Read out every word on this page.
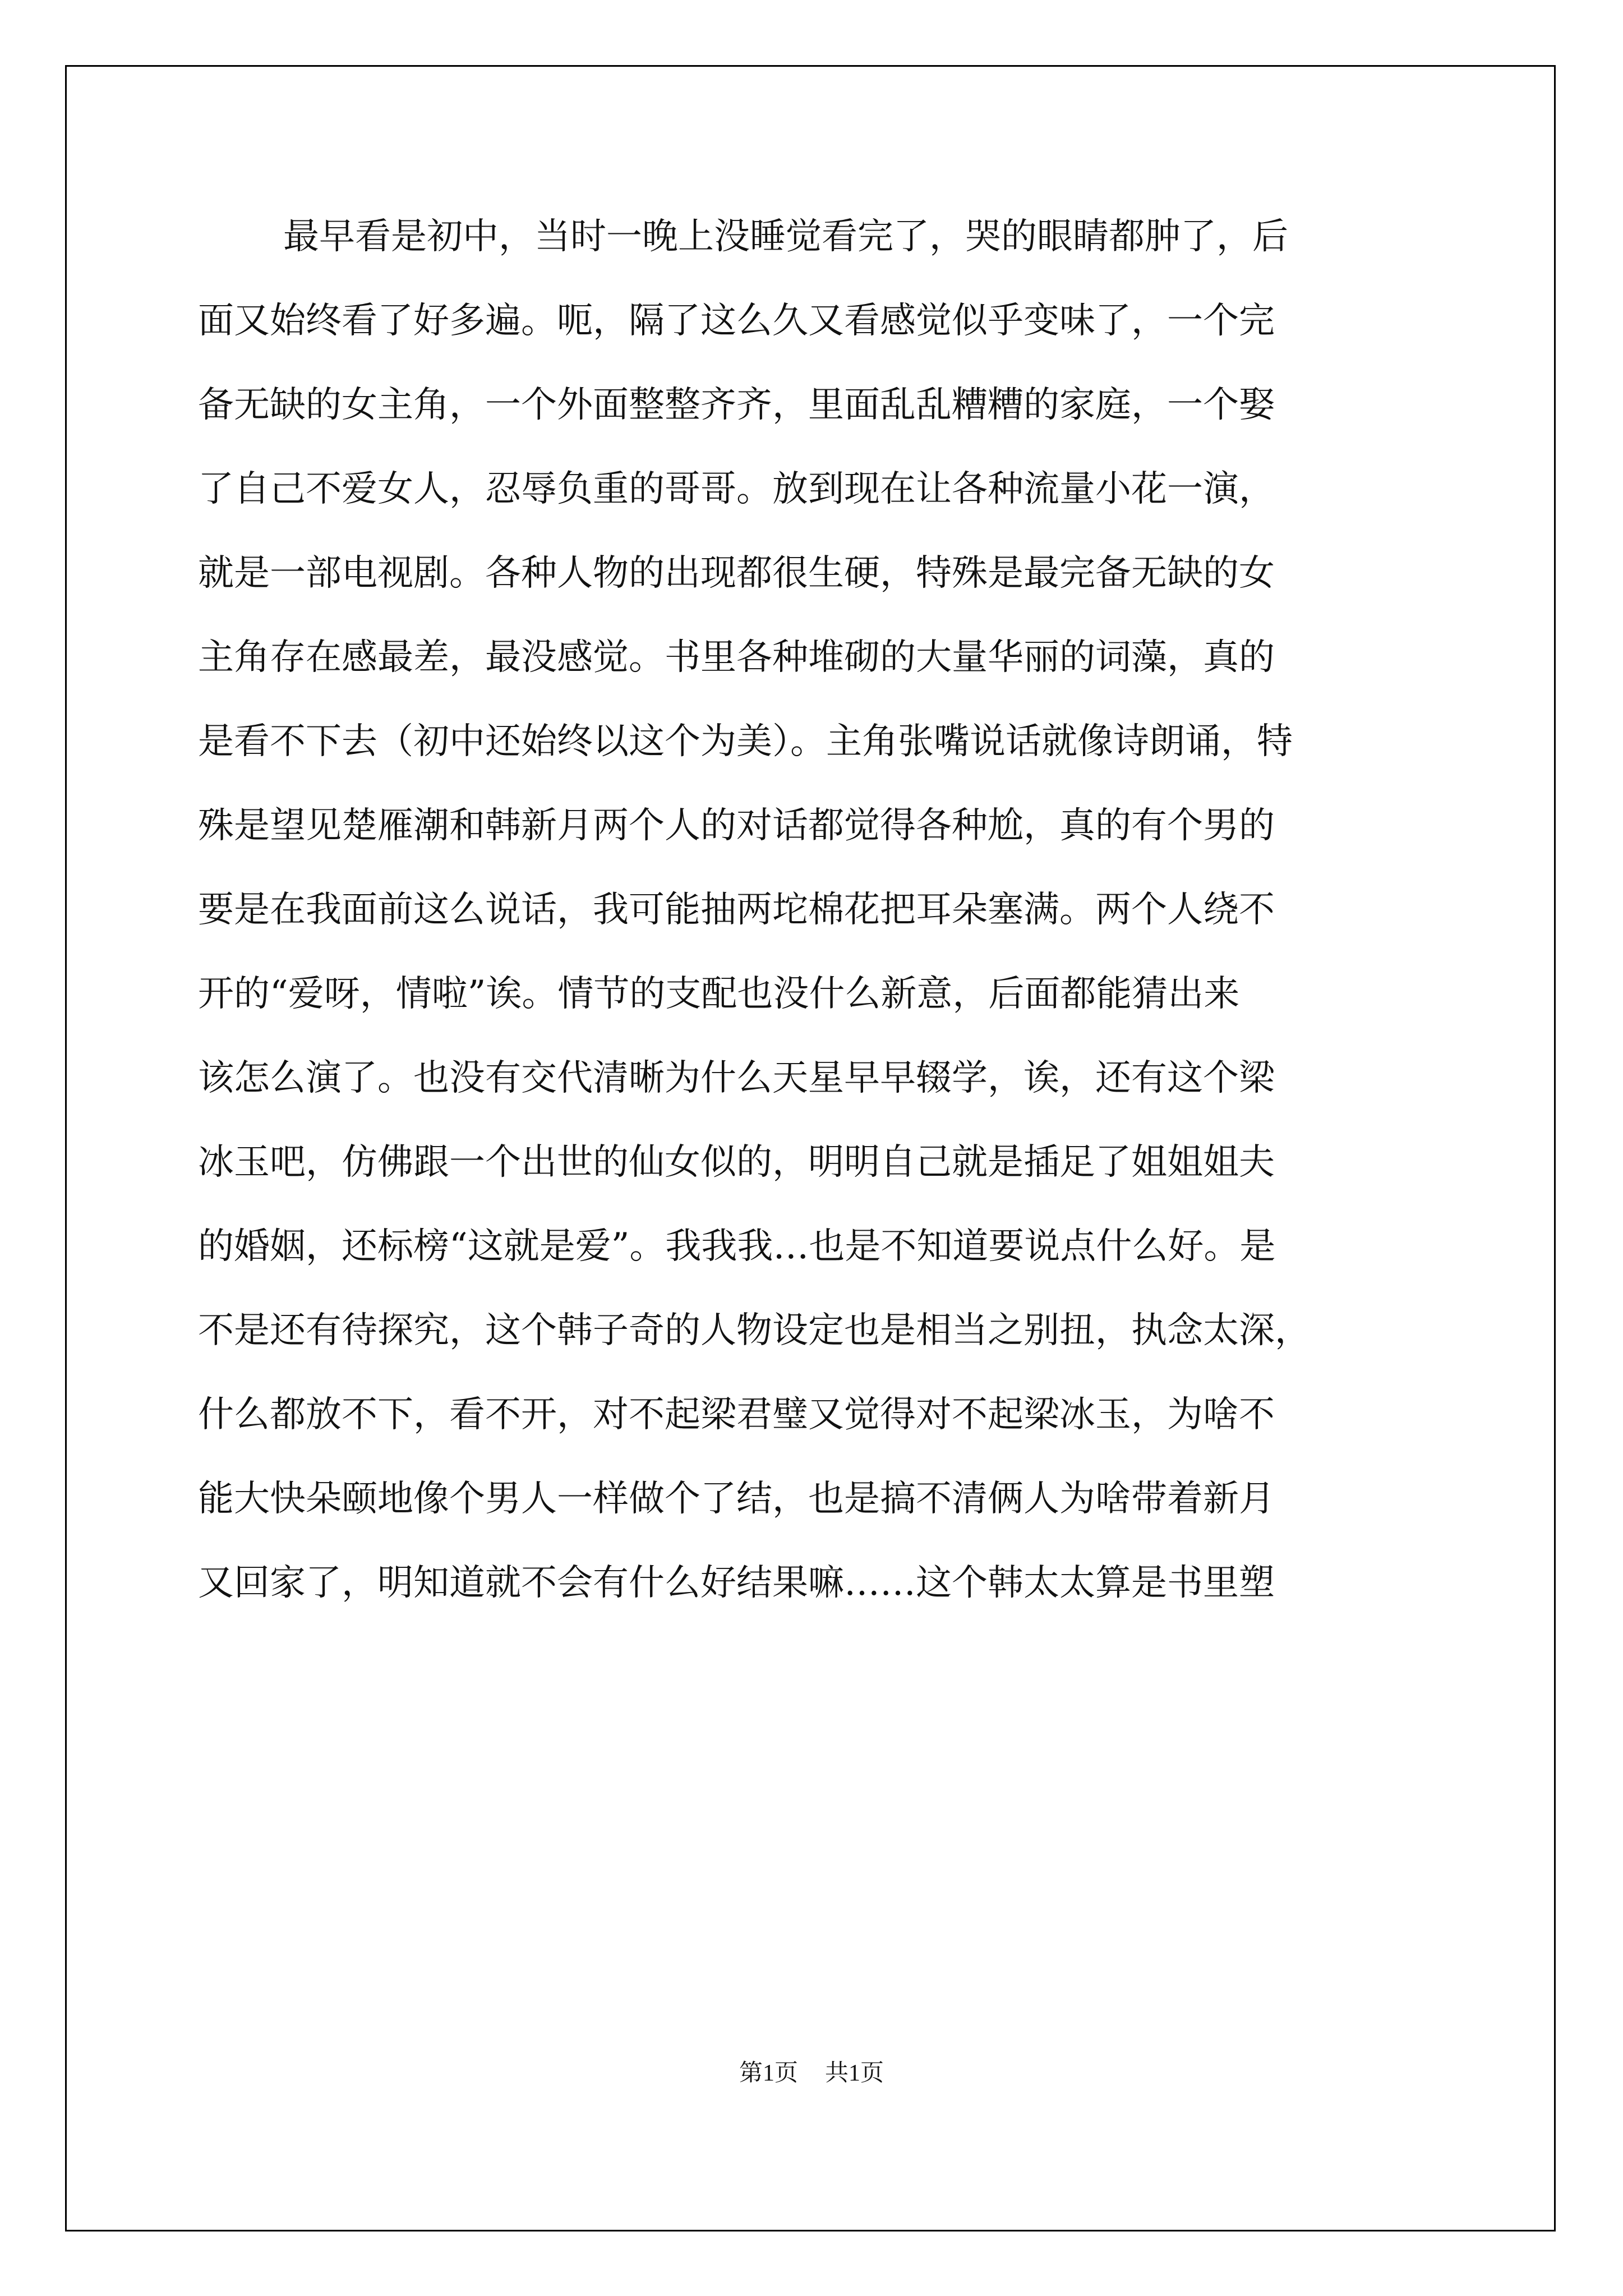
最早看是初中，当时一晚上没睡觉看完了，哭的眼睛都肿了，后
面又始终看了好多遍。呃，隔了这么久又看感觉似乎变味了，一个完
备无缺的女主角，一个外面整整齐齐，里面乱乱糟糟的家庭，一个娶
了自己不爱女人，忍辱负重的哥哥。放到现在让各种流量小花一演，
就是一部电视剧。各种人物的出现都很生硬，特殊是最完备无缺的女
主角存在感最差，最没感觉。书里各种堆砌的大量华丽的词藻，真的
是看不下去（初中还始终以这个为美）。主角张嘴说话就像诗朗诵，特
殊是望见楚雁潮和韩新月两个人的对话都觉得各种尬，真的有个男的
要是在我面前这么说话，我可能抽两坨棉花把耳朵塞满。两个人绕不
开的“爱呀，情啦”诶。情节的支配也没什么新意，后面都能猜出来
该怎么演了。也没有交代清晰为什么天星早早辍学，诶，还有这个梁
冰玉吧，仿佛跟一个出世的仙女似的，明明自己就是插足了姐姐姐夫
的婚姻，还标榜“这就是爱”。我我我…也是不知道要说点什么好。是
不是还有待探究，这个韩子奇的人物设定也是相当之别扭，执念太深，
什么都放不下，看不开，对不起梁君璧又觉得对不起梁冰玉，为啥不
能大快朵颐地像个男人一样做个了结，也是搞不清俩人为啥带着新月
又回家了，明知道就不会有什么好结果嘛……这个韩太太算是书里塑
第1页 共1页
